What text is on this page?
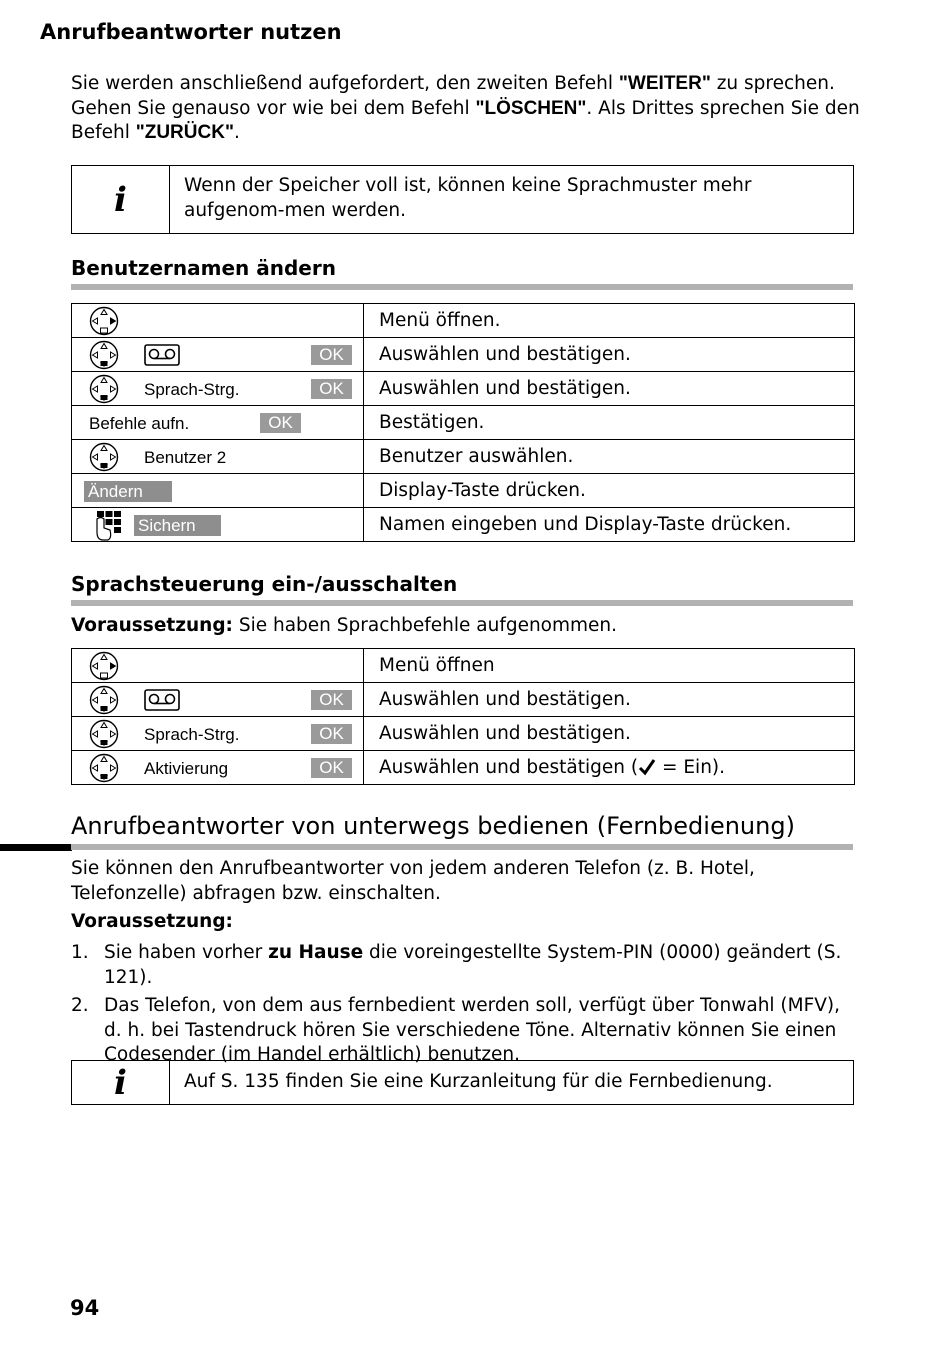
Anrufbeantworter nutzen
Sie werden anschließend aufgefordert, den zweiten Befehl "WEITER" zu sprechen. Gehen Sie genauso vor wie bei dem Befehl "LÖSCHEN". Als Drittes sprechen Sie den Befehl "ZURÜCK".
i	Wenn der Speicher voll ist, können keine Sprachmuster mehr aufgenom-men werden.
Benutzernamen ändern
	Menü öffnen.

OK	Auswählen und bestätigen.

Sprach-Strg. OK	Auswählen und bestätigen.

Befehle aufn. OK	Bestätigen.

Benutzer 2	Benutzer auswählen.

Ändern	Display-Taste drücken.

Sichern	Namen eingeben und Display-Taste drücken.
Sprachsteuerung ein-/ausschalten
Voraussetzung: Sie haben Sprachbefehle aufgenommen.
	Menü öffnen

OK	Auswählen und bestätigen.

Sprach-Strg. OK	Auswählen und bestätigen.

Aktivierung OK	Auswählen und bestätigen ( = Ein).
Anrufbeantworter von unterwegs bedienen (Fernbedienung)
Sie können den Anrufbeantworter von jedem anderen Telefon (z. B. Hotel, Telefonzelle) abfragen bzw. einschalten.
Voraussetzung:
1. Sie haben vorher zu Hause die voreingestellte System-PIN (0000) geändert (S. 121).
2. Das Telefon, von dem aus fernbedient werden soll, verfügt über Tonwahl (MFV), d. h. bei Tastendruck hören Sie verschiedene Töne. Alternativ können Sie einen Codesender (im Handel erhältlich) benutzen.
i	Auf S. 135 finden Sie eine Kurzanleitung für die Fernbedienung.
94
